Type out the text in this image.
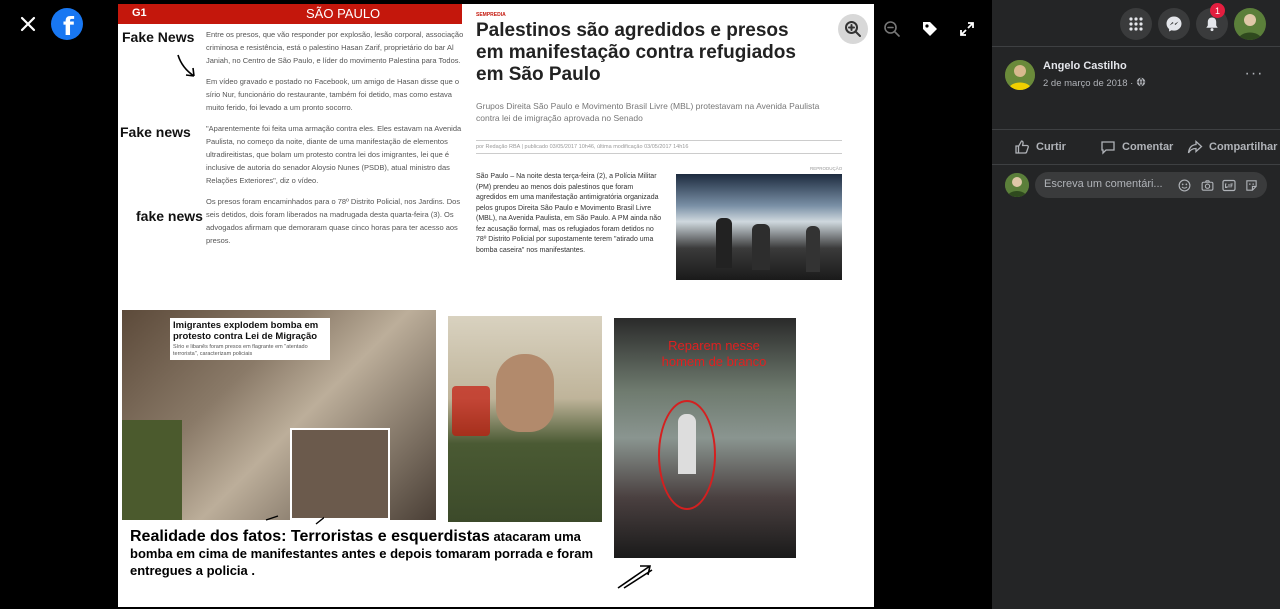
f	G1	SÃO PAULO
Fake News
Fake news
fake news

Entre os presos, que vão responder por explosão, lesão corporal, associação criminosa e resistência, está o palestino Hasan Zarif, proprietário do bar Al Janiah, no Centro de São Paulo, e líder do movimento Palestina para Todos.

Em vídeo gravado e postado no Facebook, um amigo de Hasan disse que o sírio Nur, funcionário do restaurante, também foi detido, mas como estava muito ferido, foi levado a um pronto socorro.

"Aparentemente foi feita uma armação contra eles. Eles estavam na Avenida Paulista, no começo da noite, diante de uma manifestação de elementos ultradireitistas, que bolam um protesto contra lei dos imigrantes, lei que é inclusive de autoria do senador Aloysio Nunes (PSDB), atual ministro das Relações Exteriores", diz o vídeo.

Os presos foram encaminhados para o 78º Distrito Policial, nos Jardins. Dos seis detidos, dois foram liberados na madrugada desta quarta-feira (3). Os advogados afirmam que demoraram quase cinco horas para ter acesso aos presos.

SEMPREDIA
Palestinos são agredidos e presos em manifestação contra refugiados em São Paulo
Grupos Direita São Paulo e Movimento Brasil Livre (MBL) protestavam na Avenida Paulista contra lei de imigração aprovada no Senado
por Redação RBA | publicado 03/05/2017 10h46, última modificação 03/05/2017 14h16
São Paulo – Na noite desta terça-feira (2), a Polícia Militar (PM) prendeu ao menos dois palestinos que foram agredidos em uma manifestação antimigratória organizada pelos grupos Direita São Paulo e Movimento Brasil Livre (MBL), na Avenida Paulista, em São Paulo. A PM ainda não fez acusação formal, mas os refugiados foram detidos no 78º Distrito Policial por supostamente terem "atirado uma bomba caseira" nos manifestantes.
REPRODUÇÃO
Imigrantes explodem bomba em protesto contra Lei de Migração
Sírio e libanês foram presos em flagrante em "atentado terrorista", caracterizam policiais
Reparem nesse homem de branco
Realidade dos fatos: Terroristas e esquerdistas atacaram uma bomba em cima de manifestantes antes e depois tomaram porrada e foram entregues a policia .
1
Angelo Castilho
2 de março de 2018 ·
···
Curtir	Comentar	Compartilhar
Escreva um comentári...
